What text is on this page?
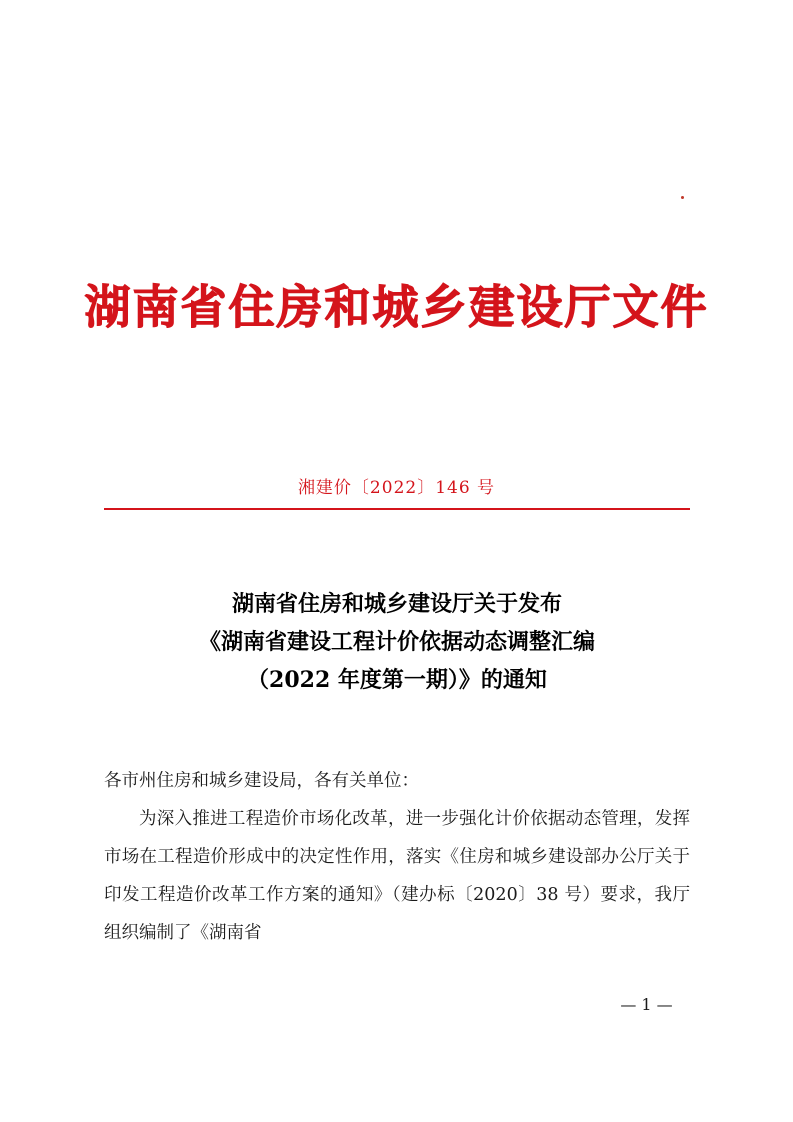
湖南省住房和城乡建设厅文件
湘建价〔2022〕146 号
湖南省住房和城乡建设厅关于发布
《湖南省建设工程计价依据动态调整汇编
（2022 年度第一期）》的通知

各市州住房和城乡建设局，各有关单位：

为深入推进工程造价市场化改革，进一步强化计价依据动态管理，发挥市场在工程造价形成中的决定性作用，落实《住房和城乡建设部办公厅关于印发工程造价改革工作方案的通知》（建办标〔2020〕38 号）要求，我厅组织编制了《湖南省

— 1 —
